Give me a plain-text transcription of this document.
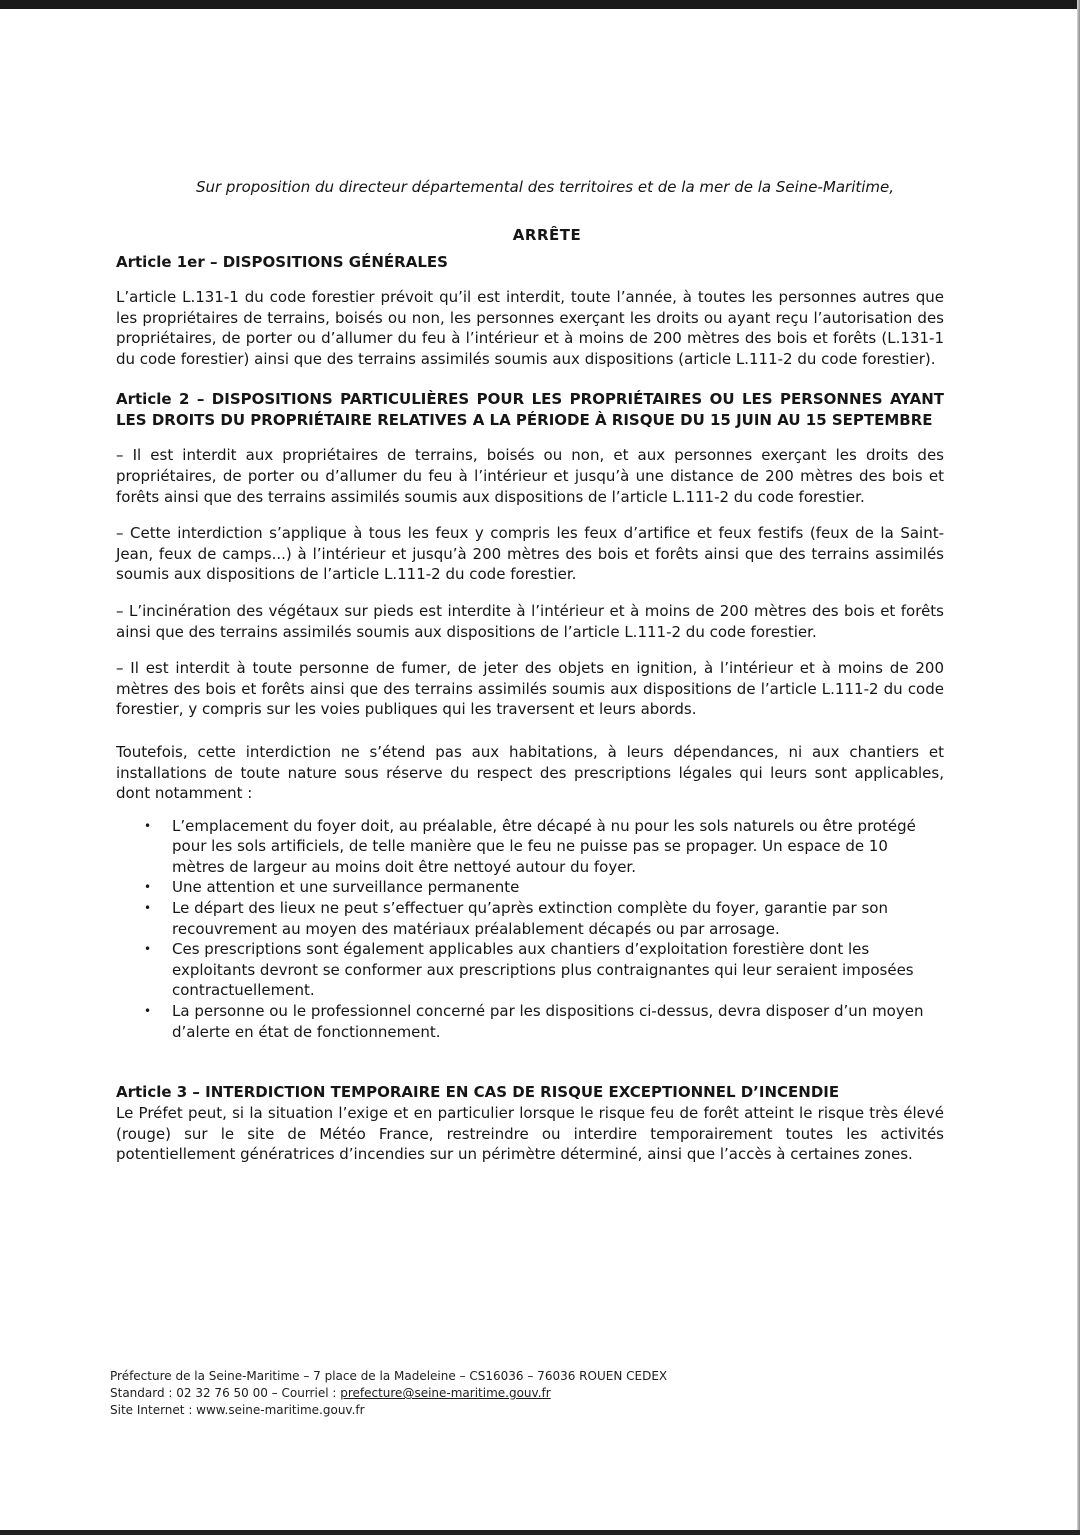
Sur proposition du directeur départemental des territoires et de la mer de la Seine-Maritime,

ARRÊTE
Article 1er – DISPOSITIONS GÉNÉRALES

L’article L.131-1 du code forestier prévoit qu’il est interdit, toute l’année, à toutes les personnes autres que les propriétaires de terrains, boisés ou non, les personnes exerçant les droits ou ayant reçu l’autorisation des propriétaires, de porter ou d’allumer du feu à l’intérieur et à moins de 200 mètres des bois et forêts (L.131-1 du code forestier) ainsi que des terrains assimilés soumis aux dispositions (article L.111-2 du code forestier).

Article 2 – DISPOSITIONS PARTICULIÈRES POUR LES PROPRIÉTAIRES OU LES PERSONNES AYANT LES DROITS DU PROPRIÉTAIRE RELATIVES A LA PÉRIODE À RISQUE DU 15 JUIN AU 15 SEPTEMBRE

– Il est interdit aux propriétaires de terrains, boisés ou non, et aux personnes exerçant les droits des propriétaires, de porter ou d’allumer du feu à l’intérieur et jusqu’à une distance de 200 mètres des bois et forêts ainsi que des terrains assimilés soumis aux dispositions de l’article L.111-2 du code forestier.

– Cette interdiction s’applique à tous les feux y compris les feux d’artifice et feux festifs (feux de la Saint-Jean, feux de camps...) à l’intérieur et jusqu’à 200 mètres des bois et forêts ainsi que des terrains assimilés soumis aux dispositions de l’article L.111-2 du code forestier.

– L’incinération des végétaux sur pieds est interdite à l’intérieur et à moins de 200 mètres des bois et forêts ainsi que des terrains assimilés soumis aux dispositions de l’article L.111-2 du code forestier.

– Il est interdit à toute personne de fumer, de jeter des objets en ignition, à l’intérieur et à moins de 200 mètres des bois et forêts ainsi que des terrains assimilés soumis aux dispositions de l’article L.111-2 du code forestier, y compris sur les voies publiques qui les traversent et leurs abords.

Toutefois, cette interdiction ne s’étend pas aux habitations, à leurs dépendances, ni aux chantiers et installations de toute nature sous réserve du respect des prescriptions légales qui leurs sont applicables, dont notamment :

• L’emplacement du foyer doit, au préalable, être décapé à nu pour les sols naturels ou être protégé pour les sols artificiels, de telle manière que le feu ne puisse pas se propager. Un espace de 10 mètres de largeur au moins doit être nettoyé autour du foyer.
• Une attention et une surveillance permanente
• Le départ des lieux ne peut s’effectuer qu’après extinction complète du foyer, garantie par son recouvrement au moyen des matériaux préalablement décapés ou par arrosage.
• Ces prescriptions sont également applicables aux chantiers d’exploitation forestière dont les exploitants devront se conformer aux prescriptions plus contraignantes qui leur seraient imposées contractuellement.
• La personne ou le professionnel concerné par les dispositions ci-dessus, devra disposer d’un moyen d’alerte en état de fonctionnement.
Article 3 – INTERDICTION TEMPORAIRE EN CAS DE RISQUE EXCEPTIONNEL D’INCENDIE

Le Préfet peut, si la situation l’exige et en particulier lorsque le risque feu de forêt atteint le risque très élevé (rouge) sur le site de Météo France, restreindre ou interdire temporairement toutes les activités potentiellement génératrices d’incendies sur un périmètre déterminé, ainsi que l’accès à certaines zones.

Préfecture de la Seine-Maritime – 7 place de la Madeleine – CS16036 – 76036 ROUEN CEDEX
Standard : 02 32 76 50 00 – Courriel : prefecture@seine-maritime.gouv.fr
Site Internet : www.seine-maritime.gouv.fr
